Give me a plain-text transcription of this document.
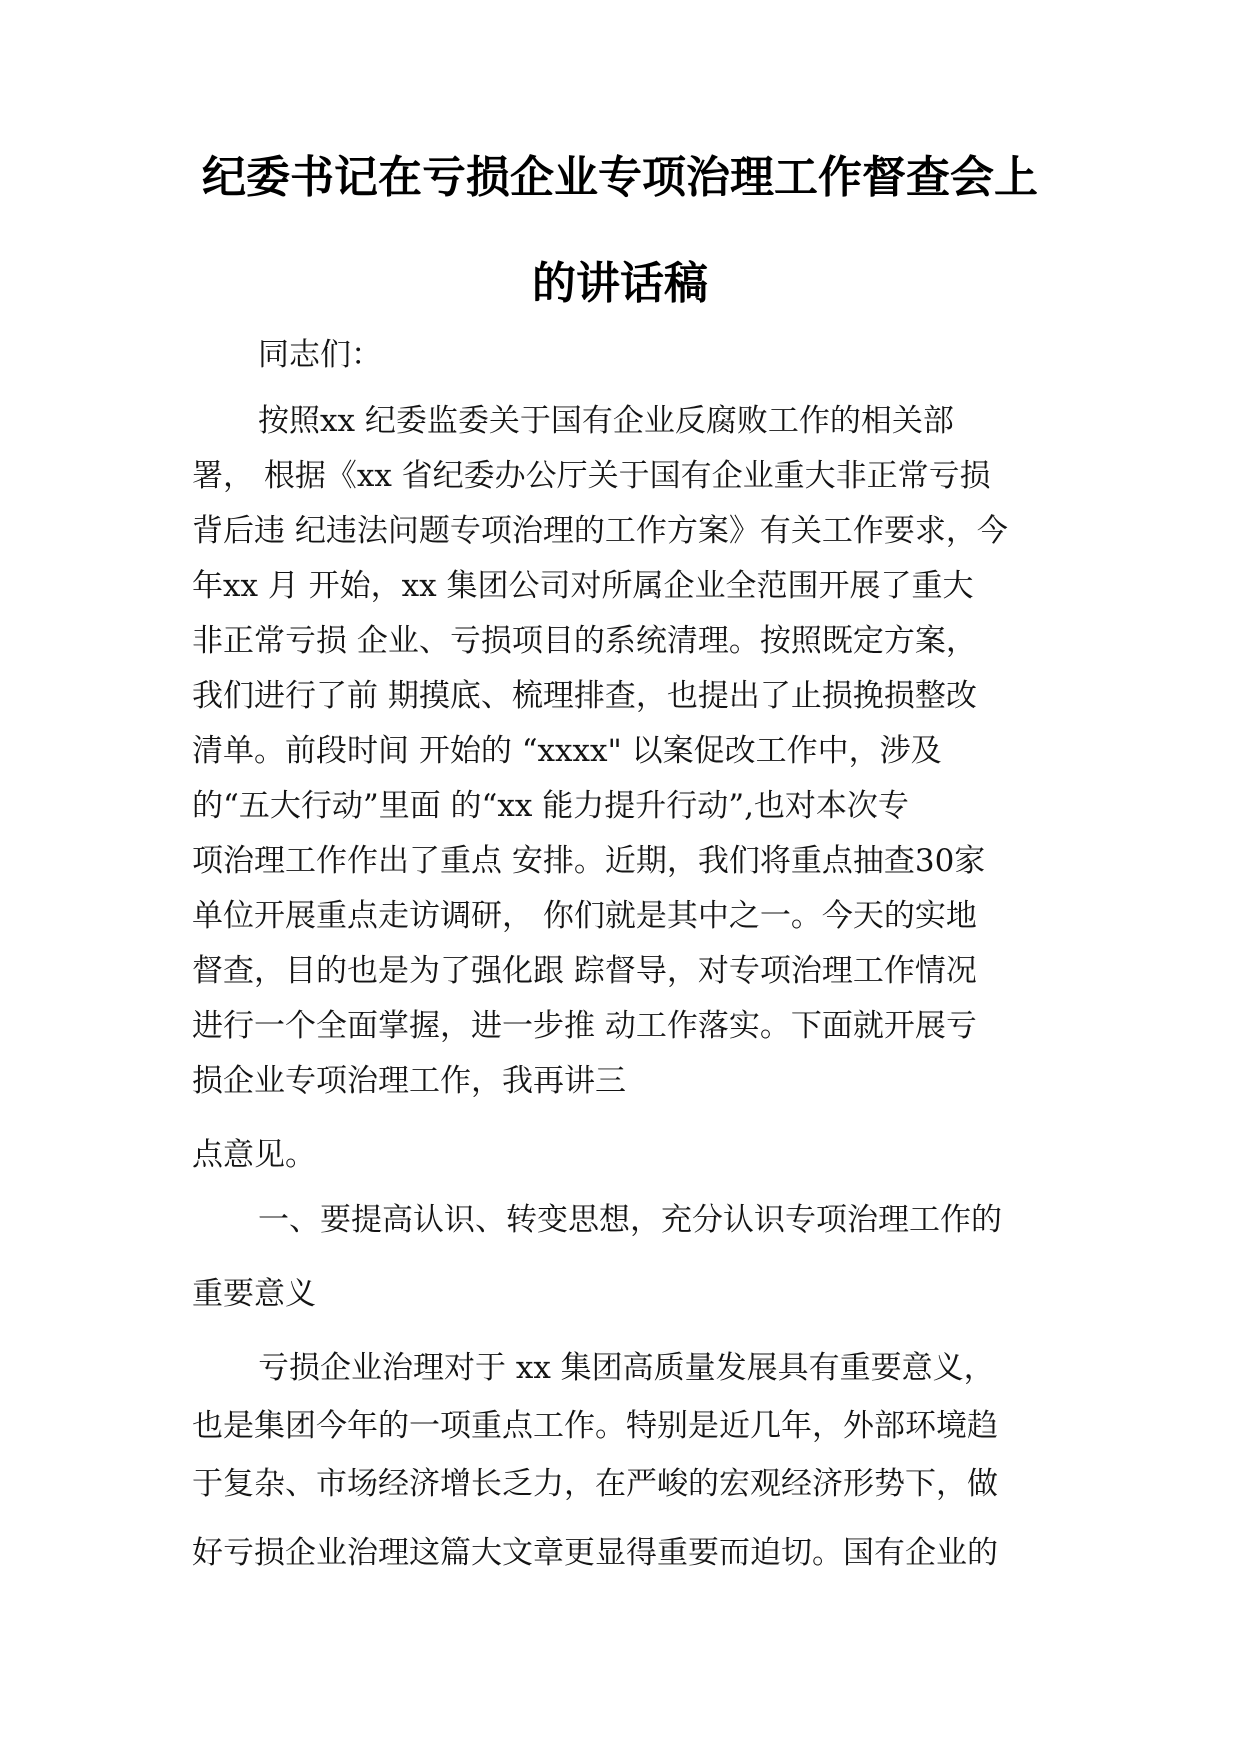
纪委书记在亏损企业专项治理工作督查会上
的讲话稿
同志们：
按照xx 纪委监委关于国有企业反腐败工作的相关部
署， 根据《xx 省纪委办公厅关于国有企业重大非正常亏损
背后违 纪违法问题专项治理的工作方案》有关工作要求，今
年xx 月 开始，xx 集团公司对所属企业全范围开展了重大
非正常亏损 企业、亏损项目的系统清理。按照既定方案，
我们进行了前 期摸底、梳理排查，也提出了止损挽损整改
清单。前段时间 开始的 “xxxx" 以案促改工作中，涉及
的“五大行动”里面 的“xx 能力提升行动”,也对本次专
项治理工作作出了重点 安排。近期，我们将重点抽查30家
单位开展重点走访调研， 你们就是其中之一。今天的实地
督查，目的也是为了强化跟 踪督导，对专项治理工作情况
进行一个全面掌握，进一步推 动工作落实。下面就开展亏
损企业专项治理工作，我再讲三
点意见。
一、要提高认识、转变思想，充分认识专项治理工作的
重要意义
亏损企业治理对于 xx 集团高质量发展具有重要意义，
也是集团今年的一项重点工作。特别是近几年，外部环境趋
于复杂、市场经济增长乏力，在严峻的宏观经济形势下，做
好亏损企业治理这篇大文章更显得重要而迫切。国有企业的
